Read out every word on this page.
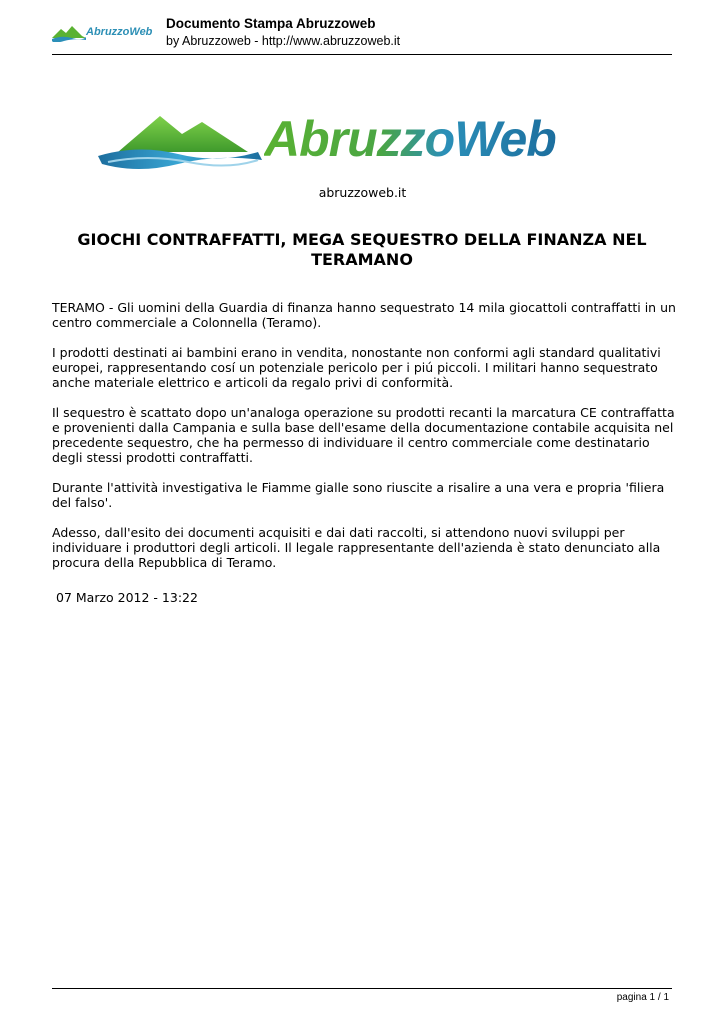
AbruzzoWeb
Documento Stampa Abruzzoweb
by Abruzzoweb - http://www.abruzzoweb.it
AbruzzoWeb
abruzzoweb.it
GIOCHI CONTRAFFATTI, MEGA SEQUESTRO DELLA FINANZA NEL TERAMANO

TERAMO - Gli uomini della Guardia di finanza hanno sequestrato 14 mila giocattoli contraffatti in un centro commerciale a Colonnella (Teramo).

I prodotti destinati ai bambini erano in vendita, nonostante non conformi agli standard qualitativi europei, rappresentando cosí un potenziale pericolo per i piú piccoli. I militari hanno sequestrato anche materiale elettrico e articoli da regalo privi di conformità.

Il sequestro è scattato dopo un'analoga operazione su prodotti recanti la marcatura CE contraffatta e provenienti dalla Campania e sulla base dell'esame della documentazione contabile acquisita nel precedente sequestro, che ha permesso di individuare il centro commerciale come destinatario degli stessi prodotti contraffatti.

Durante l'attività investigativa le Fiamme gialle sono riuscite a risalire a una vera e propria 'filiera del falso'.

Adesso, dall'esito dei documenti acquisiti e dai dati raccolti, si attendono nuovi sviluppi per individuare i produttori degli articoli. Il legale rappresentante dell'azienda è stato denunciato alla procura della Repubblica di Teramo.

07 Marzo 2012 - 13:22
pagina 1 / 1
